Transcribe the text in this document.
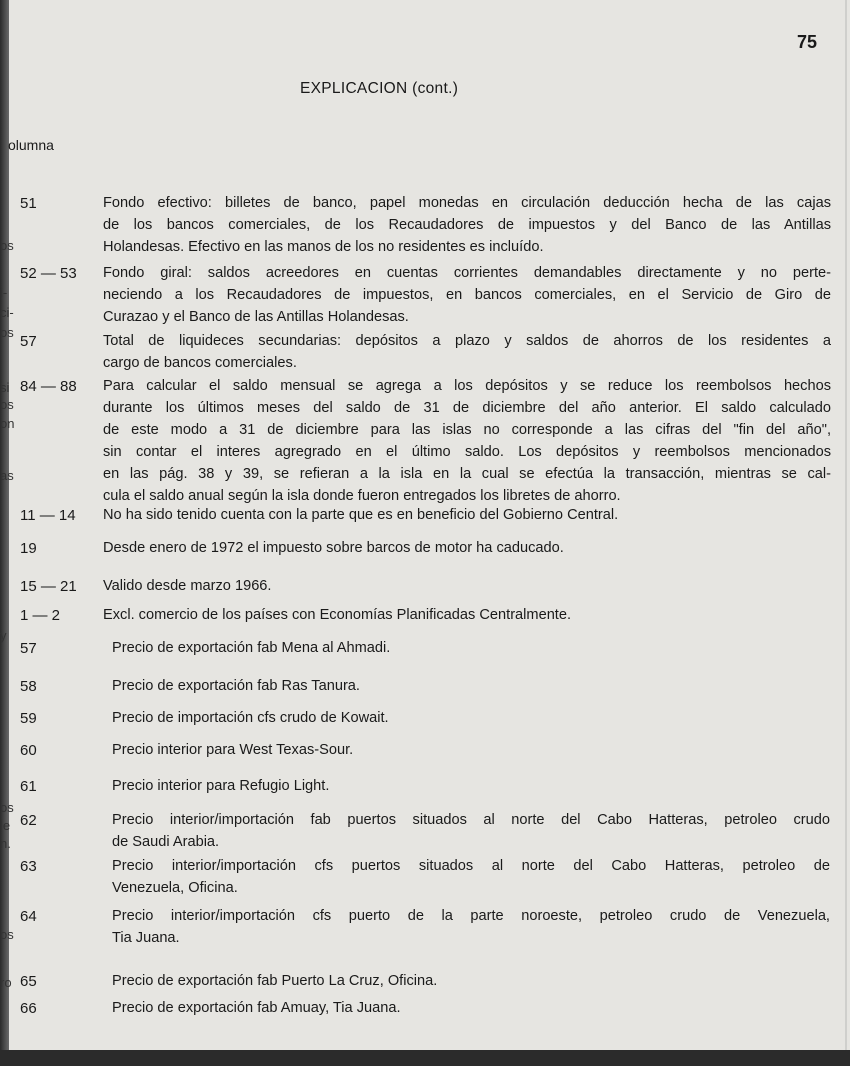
75
EXPLICACION (cont.)
olumna
os
i-
ci-
os
si
os
on
as
y
os
le
n.
os
ro
51	Fondo efectivo: billetes de banco, papel monedas en circulación deducción hecha de las cajas
de los bancos comerciales, de los Recaudadores de impuestos y del Banco de las Antillas
Holandesas. Efectivo en las manos de los no residentes es incluído.
52 — 53 Fondo giral: saldos acreedores en cuentas corrientes demandables directamente y no perte-
neciendo a los Recaudadores de impuestos, en bancos comerciales, en el Servicio de Giro de
Curazao y el Banco de las Antillas Holandesas.
57	Total de liquideces secundarias: depósitos a plazo y saldos de ahorros de los residentes a
cargo de bancos comerciales.
84 — 88 Para calcular el saldo mensual se agrega a los depósitos y se reduce los reembolsos hechos
durante los últimos meses del saldo de 31 de diciembre del año anterior. El saldo calculado
de este modo a 31 de diciembre para las islas no corresponde a las cifras del "fin del año",
sin contar el interes agregrado en el último saldo. Los depósitos y reembolsos mencionados
en las pág. 38 y 39, se refieran a la isla en la cual se efectúa la transacción, mientras se cal-
cula el saldo anual según la isla donde fueron entregados los libretes de ahorro.
11 — 14 No ha sido tenido cuenta con la parte que es en beneficio del Gobierno Central.
19	Desde enero de 1972 el impuesto sobre barcos de motor ha caducado.
15 — 21 Valido desde marzo 1966.
1 — 2	Excl. comercio de los países con Economías Planificadas Centralmente.
57	Precio de exportación fab Mena al Ahmadi.
58	Precio de exportación fab Ras Tanura.
59	Precio de importación cfs crudo de Kowait.
60	Precio interior para West Texas-Sour.
61	Precio interior para Refugio Light.
62	Precio interior/importación fab puertos situados al norte del Cabo Hatteras, petroleo crudo
de Saudi Arabia.
63	Precio interior/importación cfs puertos situados al norte del Cabo Hatteras, petroleo de
Venezuela, Oficina.
64	Precio interior/importación cfs puerto de la parte noroeste, petroleo crudo de Venezuela,
Tia Juana.
65	Precio de exportación fab Puerto La Cruz, Oficina.
66	Precio de exportación fab Amuay, Tia Juana.
